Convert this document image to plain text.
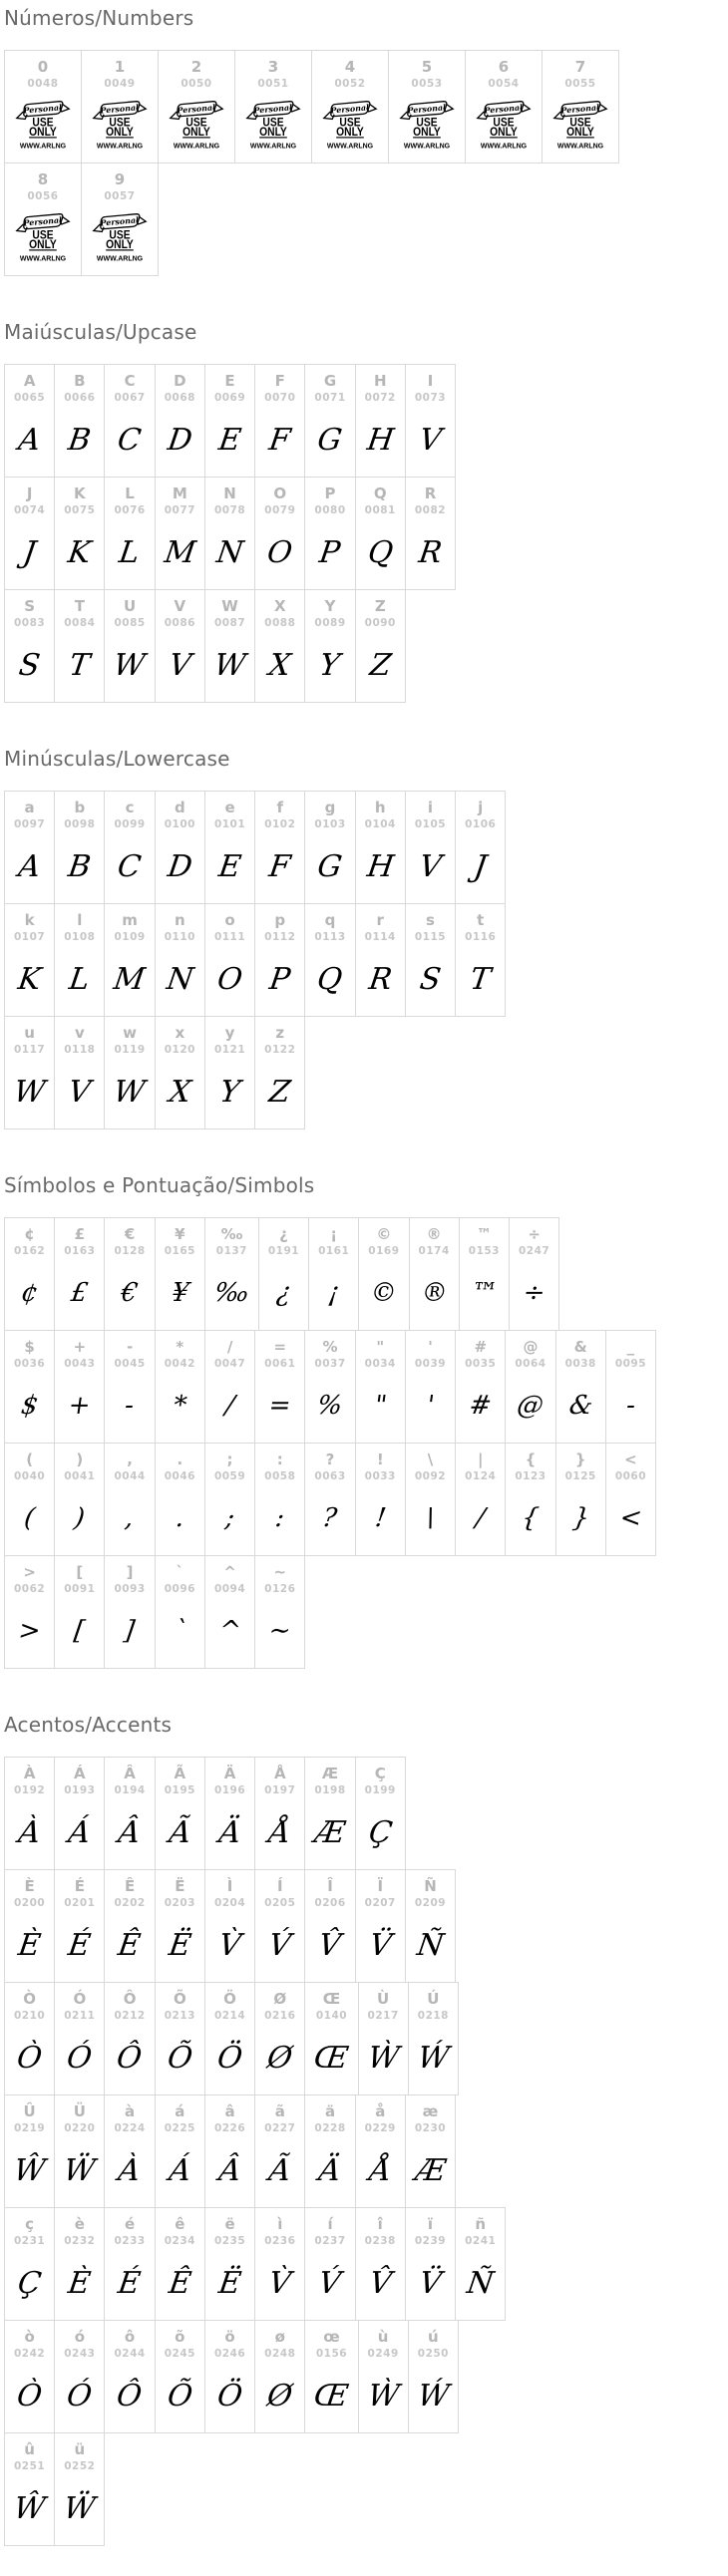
Números/Numbers
0
0048
Personal
USE
ONLY
WWW.ARLNG
1
0049
Personal
USE
ONLY
WWW.ARLNG
2
0050
Personal
USE
ONLY
WWW.ARLNG
3
0051
Personal
USE
ONLY
WWW.ARLNG
4
0052
Personal
USE
ONLY
WWW.ARLNG
5
0053
Personal
USE
ONLY
WWW.ARLNG
6
0054
Personal
USE
ONLY
WWW.ARLNG
7
0055
Personal
USE
ONLY
WWW.ARLNG
8
0056
Personal
USE
ONLY
WWW.ARLNG
9
0057
Personal
USE
ONLY
WWW.ARLNG
Maiúsculas/Upcase
A
0065
A
B
0066
B
C
0067
C
D
0068
D
E
0069
E
F
0070
F
G
0071
G
H
0072
H
I
0073
V
J
0074
J
K
0075
K
L
0076
L
M
0077
M
N
0078
N
O
0079
O
P
0080
P
Q
0081
Q
R
0082
R
S
0083
S
T
0084
T
U
0085
W
V
0086
V
W
0087
W
X
0088
X
Y
0089
Y
Z
0090
Z
Minúsculas/Lowercase
a
0097
A
b
0098
B
c
0099
C
d
0100
D
e
0101
E
f
0102
F
g
0103
G
h
0104
H
i
0105
V
j
0106
J
k
0107
K
l
0108
L
m
0109
M
n
0110
N
o
0111
O
p
0112
P
q
0113
Q
r
0114
R
s
0115
S
t
0116
T
u
0117
W
v
0118
V
w
0119
W
x
0120
X
y
0121
Y
z
0122
Z
Símbolos e Pontuação/Simbols
¢
0162
¢
£
0163
£
€
0128
€
¥
0165
¥
‰
0137
‰
¿
0191
¿
¡
0161
¡
©
0169
©
®
0174
®
™
0153
™
÷
0247
÷
$
0036
$
+
0043
+
-
0045
-
*
0042
*
/
0047
/
=
0061
=
%
0037
%
"
0034
"
'
0039
'
#
0035
#
@
0064
@
&
0038
&
_
0095
-
(
0040
(
)
0041
)
,
0044
,
.
0046
.
;
0059
;
:
0058
:
?
0063
?
!
0033
!
\
0092
\
|
0124
/
{
0123
{
}
0125
}
<
0060
<
>
0062
>
[
0091
[
]
0093
]
`
0096
`
^
0094
^
~
0126
~
Acentos/Accents
À
0192
À
Á
0193
Á
Â
0194
Â
Ã
0195
Ã
Ä
0196
Ä
Å
0197
Å
Æ
0198
Æ
Ç
0199
Ç
È
0200
È
É
0201
É
Ê
0202
Ê
Ë
0203
Ë
Ì
0204
V̀
Í
0205
V́
Î
0206
V̂
Ï
0207
V̈
Ñ
0209
Ñ
Ò
0210
Ò
Ó
0211
Ó
Ô
0212
Ô
Õ
0213
Õ
Ö
0214
Ö
Ø
0216
Ø
Œ
0140
Œ
Ù
0217
Ẁ
Ú
0218
Ẃ
Û
0219
Ŵ
Ü
0220
Ẅ
à
0224
À
á
0225
Á
â
0226
Â
ã
0227
Ã
ä
0228
Ä
å
0229
Å
æ
0230
Æ
ç
0231
Ç
è
0232
È
é
0233
É
ê
0234
Ê
ë
0235
Ë
ì
0236
V̀
í
0237
V́
î
0238
V̂
ï
0239
V̈
ñ
0241
Ñ
ò
0242
Ò
ó
0243
Ó
ô
0244
Ô
õ
0245
Õ
ö
0246
Ö
ø
0248
Ø
œ
0156
Œ
ù
0249
Ẁ
ú
0250
Ẃ
û
0251
Ŵ
ü
0252
Ẅ
